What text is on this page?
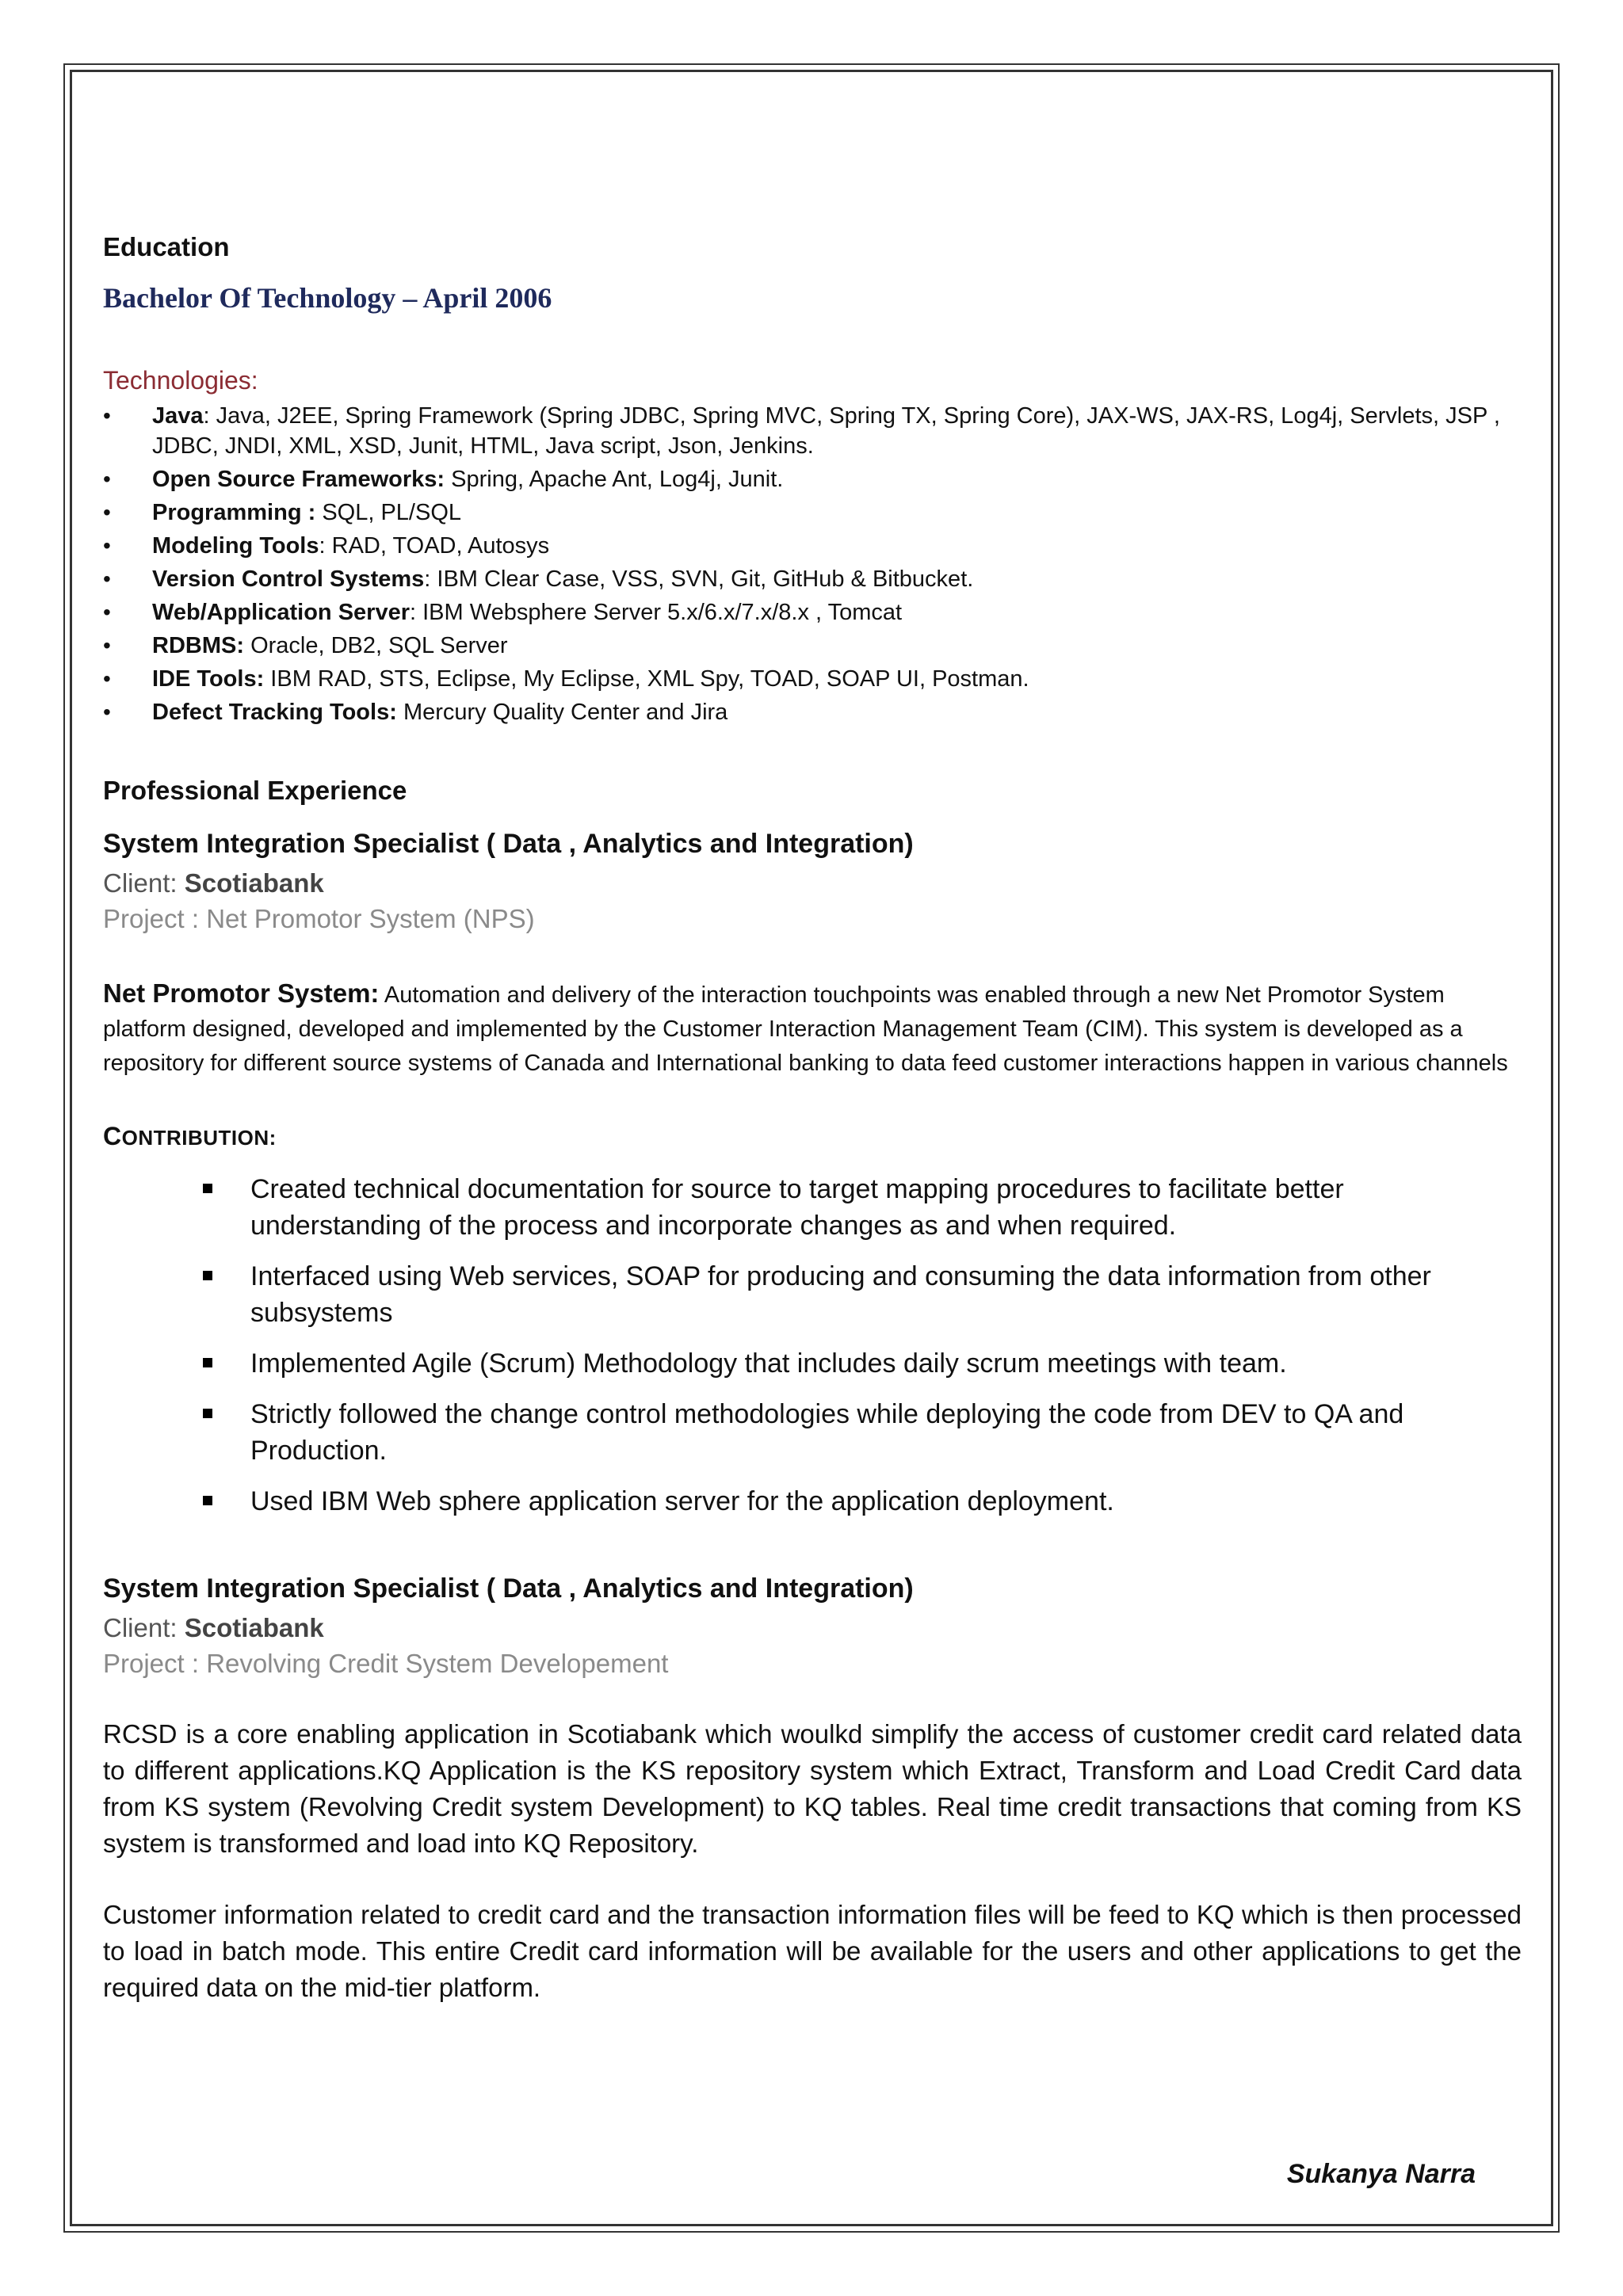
Education
Bachelor Of Technology – April 2006
Technologies:
• Java: Java, J2EE, Spring Framework (Spring JDBC, Spring MVC, Spring TX, Spring Core), JAX-WS, JAX-RS, Log4j, Servlets, JSP , JDBC, JNDI, XML, XSD, Junit, HTML, Java script, Json, Jenkins.
• Open Source Frameworks: Spring, Apache Ant, Log4j, Junit.
• Programming : SQL, PL/SQL
• Modeling Tools: RAD, TOAD, Autosys
• Version Control Systems: IBM Clear Case, VSS, SVN, Git, GitHub & Bitbucket.
• Web/Application Server: IBM Websphere Server 5.x/6.x/7.x/8.x , Tomcat
• RDBMS: Oracle, DB2, SQL Server
• IDE Tools: IBM RAD, STS, Eclipse, My Eclipse, XML Spy, TOAD, SOAP UI, Postman.
• Defect Tracking Tools: Mercury Quality Center and Jira
Professional Experience
System Integration Specialist ( Data , Analytics and Integration)
Client: Scotiabank
Project : Net Promotor System (NPS)
Net Promotor System: Automation and delivery of the interaction touchpoints was enabled through a new Net Promotor System platform designed, developed and implemented by the Customer Interaction Management Team (CIM). This system is developed as a repository for different source systems of Canada and International banking to data feed customer interactions happen in various channels
CONTRIBUTION:
Created technical documentation for source to target mapping procedures to facilitate better understanding of the process and incorporate changes as and when required.
Interfaced using Web services, SOAP for producing and consuming the data information from other subsystems
Implemented Agile (Scrum) Methodology that includes daily scrum meetings with team.
Strictly followed the change control methodologies while deploying the code from DEV to QA and Production.
Used IBM Web sphere application server for the application deployment.
System Integration Specialist ( Data , Analytics and Integration)
Client: Scotiabank
Project : Revolving Credit System Developement
RCSD is a core enabling application in Scotiabank which woulkd simplify the access of customer credit card related data to different applications.KQ Application is the KS repository system which Extract, Transform and Load Credit Card data from KS system (Revolving Credit system Development) to KQ tables. Real time credit transactions that coming from KS system is transformed and load into KQ Repository.
Customer information related to credit card and the transaction information files will be feed to KQ which is then processed to load in batch mode. This entire Credit card information will be available for the users and other applications to get the required data on the mid-tier platform.
Sukanya Narra
